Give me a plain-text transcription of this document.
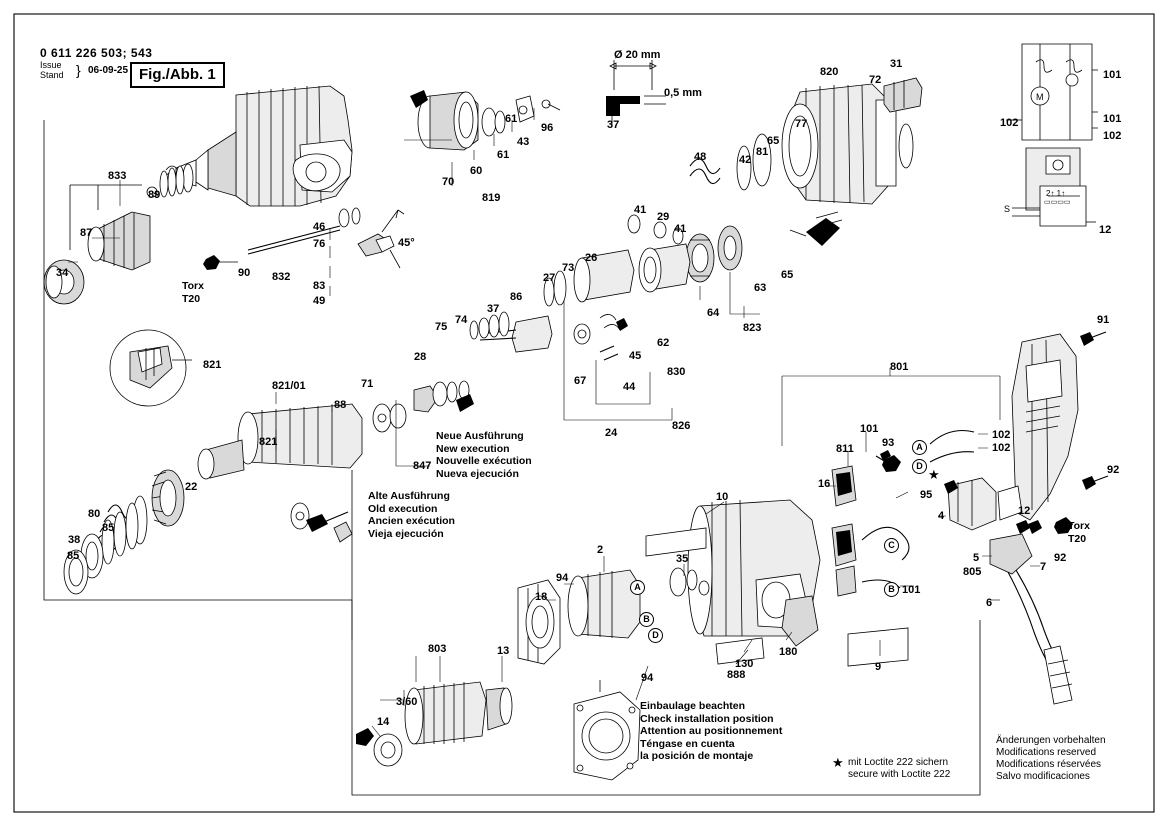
M
2↑ 1↑
▭▭▭▭
S
0 611 226 503; 543
Issue
Stand } 06-09-25 Fig./Abb. 1
Ø 20 mm
0,5 mm
45°
Torx
T20
Torx
T20
Neue Ausführung
New execution
Nouvelle exécution
Nueva ejecución
Alte Ausführung
Old execution
Ancien exécution
Vieja ejecución
Einbaulage beachten
Check installation position
Attention au positionnement
Téngase en cuenta
la posición de montaje
mit Loctite 222 sichern
secure with Loctite 222
★
★
Änderungen vorbehalten
Modifications reserved
Modifications réservées
Salvo modificaciones
833
89
87
34	90
46
76
832
83
49
70
60
819
61
61
43
96	37
48	42
81
65
77
820
72
31
101
102	101
102
12
41
29
41
26
73
27
86
37
74
75
45
62
64
63
65
823
830
44
67
24
826
801
91
92
821
821/01	71
88
28
821
847
22
80
85
38
85
811
16
101
93
102
102
95
4	12
5
805	7
92
6
101
2
94
18
35
10
180
130
888
9
94
803	13
3/60
14
A
D
C
B
A
B
D
